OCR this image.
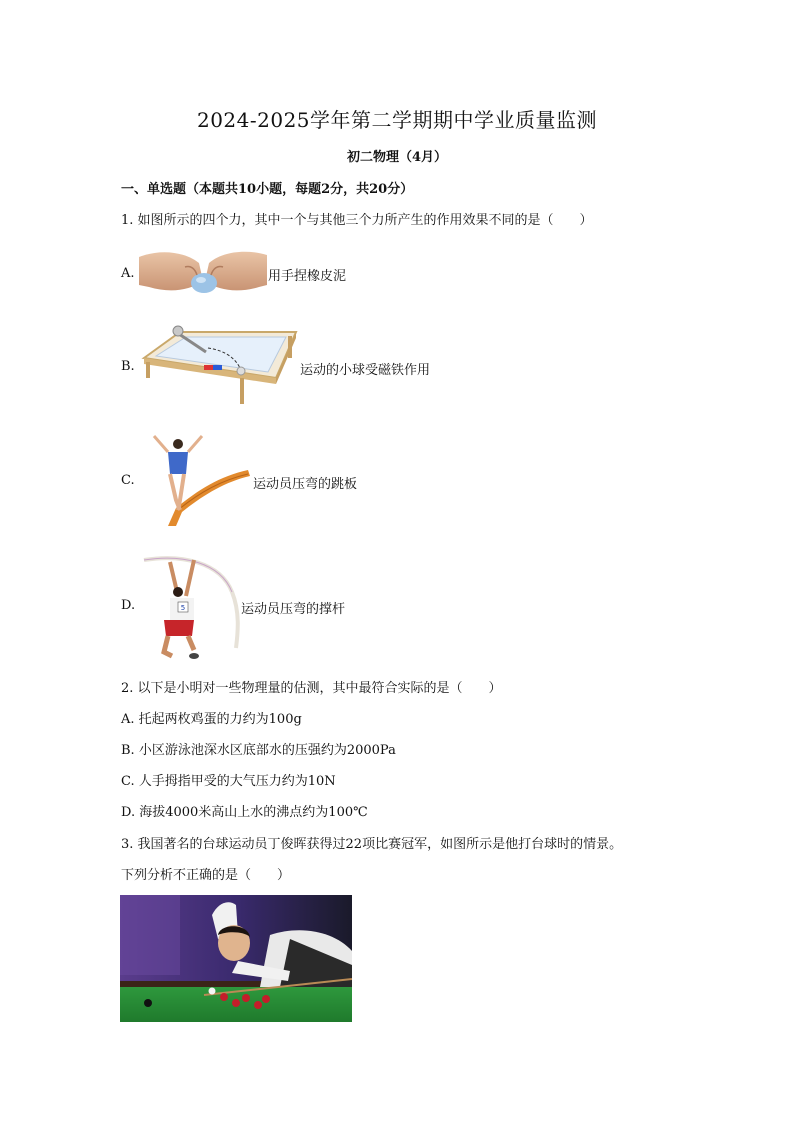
2024-2025学年第二学期期中学业质量监测
初二物理（4月）
一、单选题（本题共10小题，每题2分，共20分）
1. 如图所示的四个力，其中一个与其他三个力所产生的作用效果不同的是（　　）
A.	用手捏橡皮泥
B.	运动的小球受磁铁作用
C.	运动员压弯的跳板
D.	5	运动员压弯的撑杆
2. 以下是小明对一些物理量的估测，其中最符合实际的是（　　）
A. 托起两枚鸡蛋的力约为100g
B. 小区游泳池深水区底部水的压强约为2000Pa
C. 人手拇指甲受的大气压力约为10N
D. 海拔4000米高山上水的沸点约为100℃
3. 我国著名的台球运动员丁俊晖获得过22项比赛冠军，如图所示是他打台球时的情景。
下列分析不正确的是（　　）
